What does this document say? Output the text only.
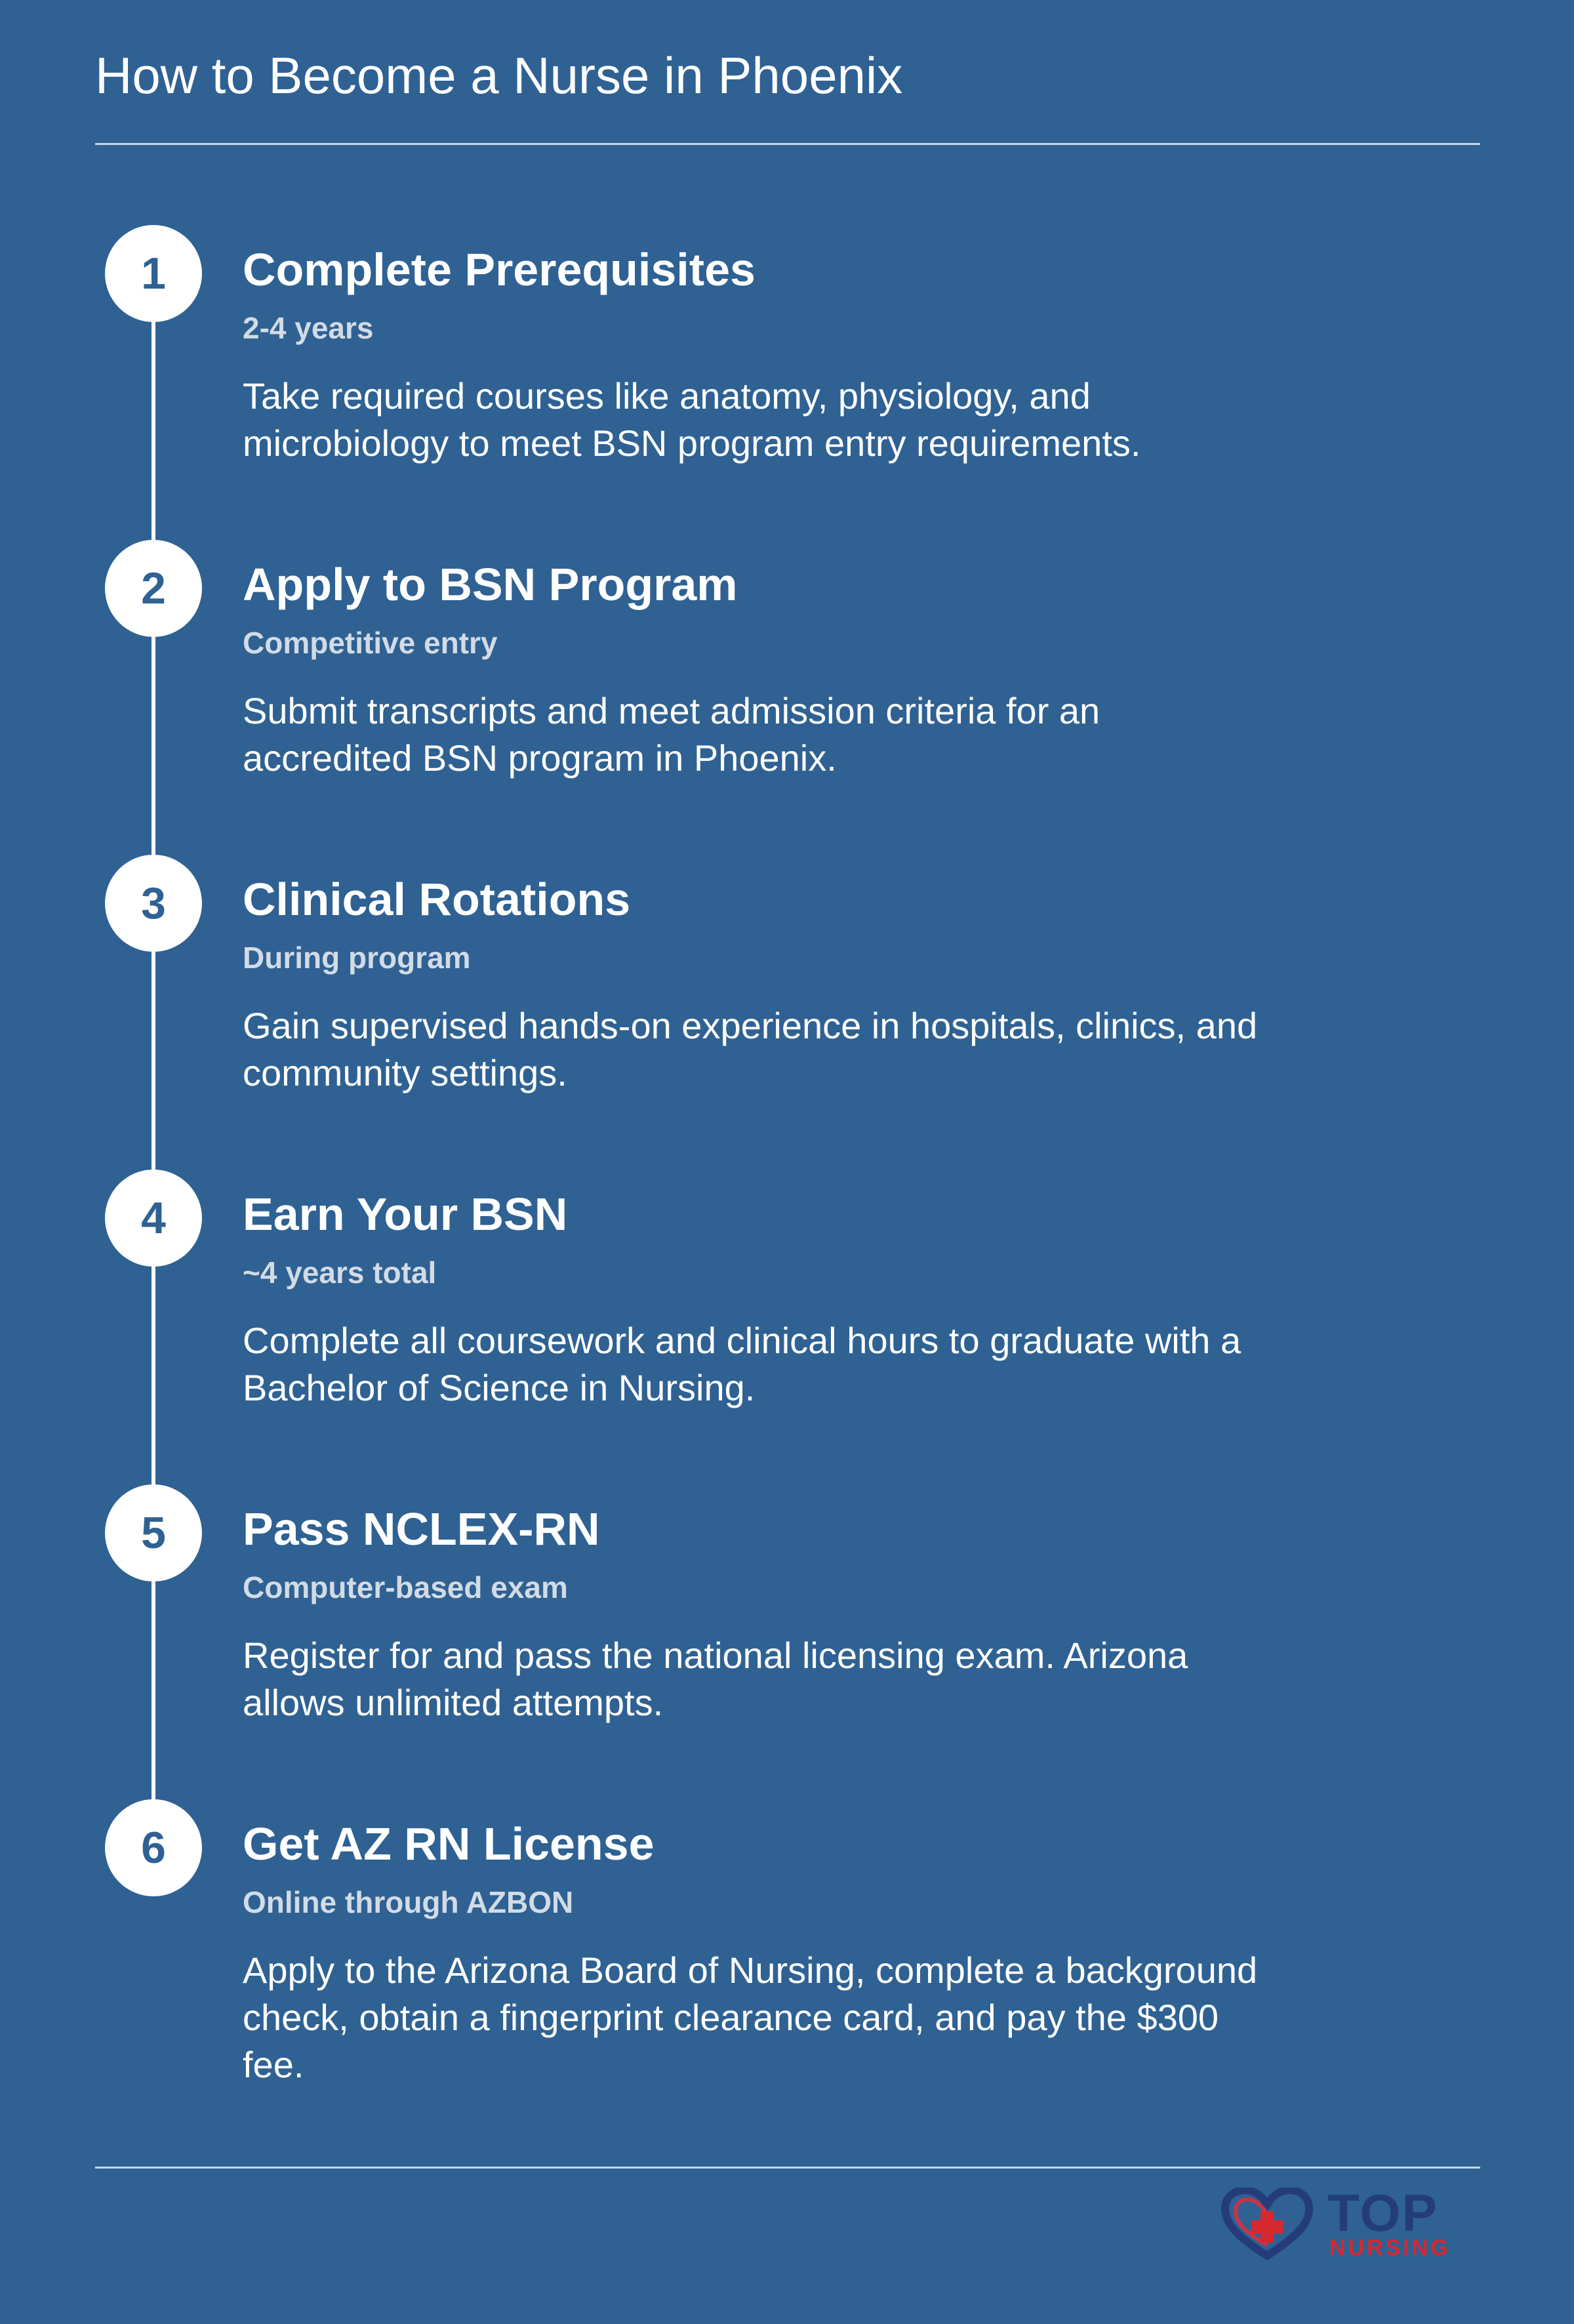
How to Become a Nurse in Phoenix
1	Complete Prerequisites
2-4 years
Take required courses like anatomy, physiology, and microbiology to meet BSN program entry requirements.
2	Apply to BSN Program
Competitive entry
Submit transcripts and meet admission criteria for an accredited BSN program in Phoenix.
3	Clinical Rotations
During program
Gain supervised hands-on experience in hospitals, clinics, and community settings.
4	Earn Your BSN
~4 years total
Complete all coursework and clinical hours to graduate with a Bachelor of Science in Nursing.
5	Pass NCLEX-RN
Computer-based exam
Register for and pass the national licensing exam. Arizona allows unlimited attempts.
6	Get AZ RN License
Online through AZBON
Apply to the Arizona Board of Nursing, complete a background check, obtain a fingerprint clearance card, and pay the $300 fee.
TOP
NURSING
